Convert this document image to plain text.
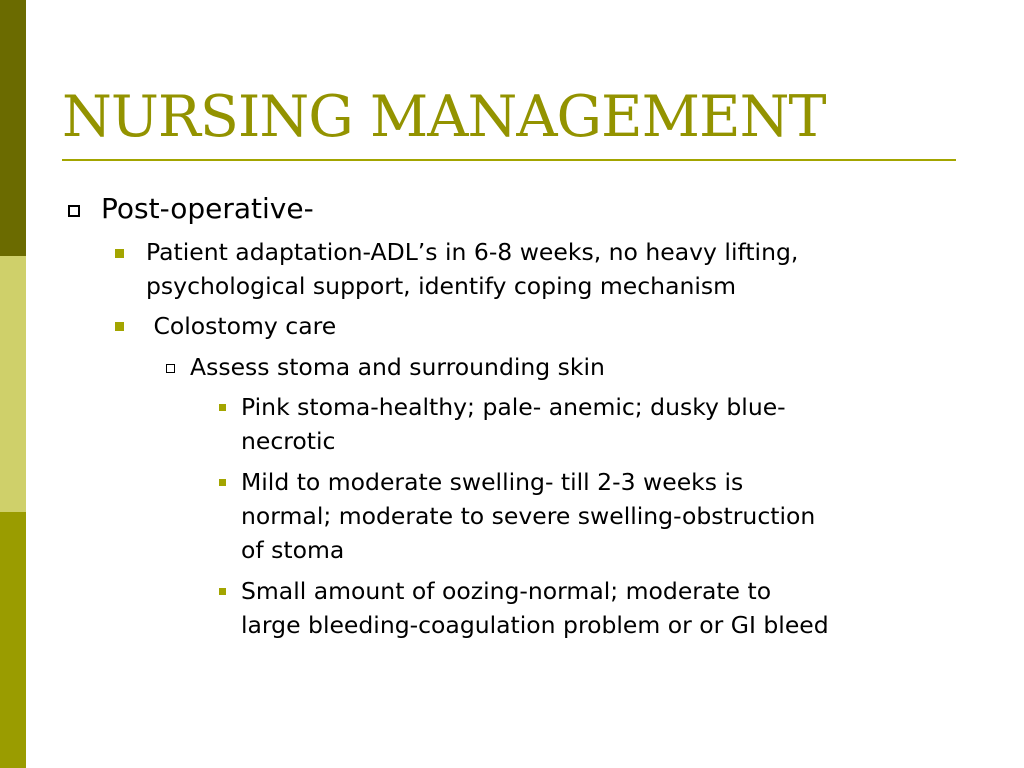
NURSING MANAGEMENT
Post-operative-
Patient adaptation-ADL’s in 6-8 weeks, no heavy lifting,
psychological support, identify coping mechanism
Colostomy care
Assess stoma and surrounding skin
Pink stoma-healthy; pale- anemic; dusky blue-
necrotic
Mild to moderate swelling- till 2-3 weeks is
normal; moderate to severe swelling-obstruction
of stoma
Small amount of oozing-normal; moderate to
large bleeding-coagulation problem or or GI bleed
